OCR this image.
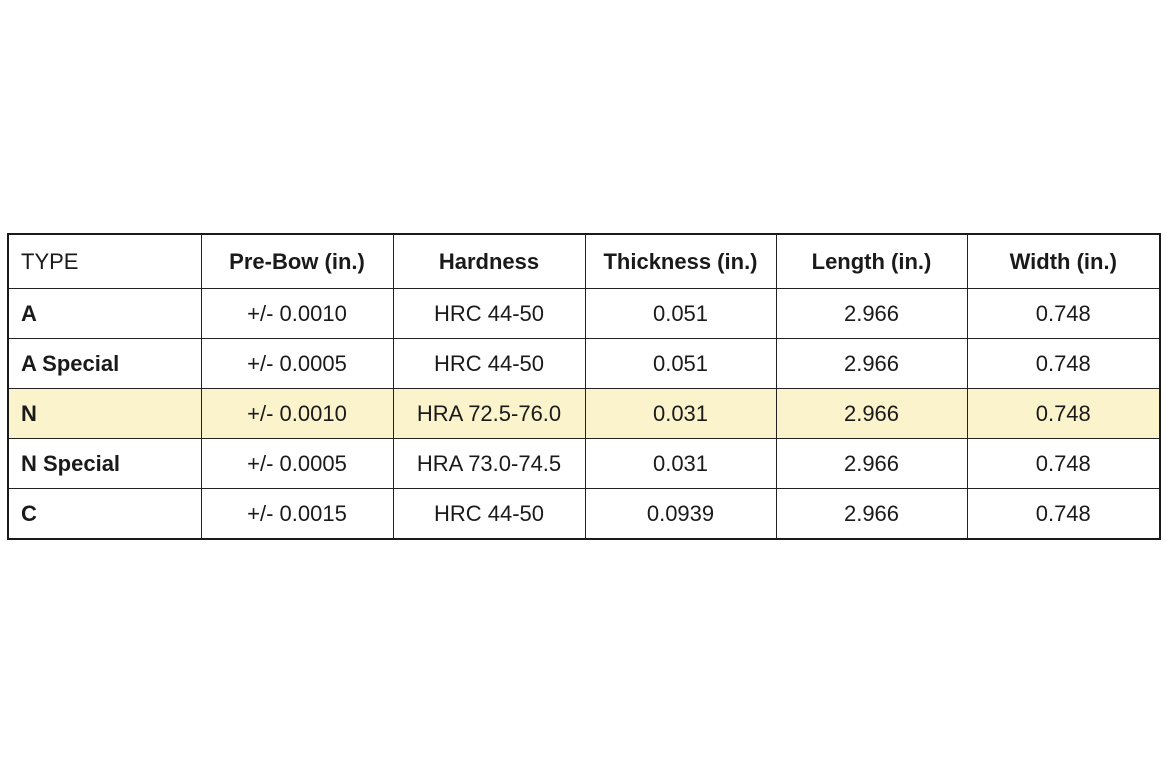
TYPE	Pre-Bow (in.)	Hardness	Thickness (in.)	Length (in.)	Width (in.)
A	+/- 0.0010	HRC 44-50	0.051	2.966	0.748
A Special	+/- 0.0005	HRC 44-50	0.051	2.966	0.748
N	+/- 0.0010	HRA 72.5-76.0	0.031	2.966	0.748
N Special	+/- 0.0005	HRA 73.0-74.5	0.031	2.966	0.748
C	+/- 0.0015	HRC 44-50	0.0939	2.966	0.748
